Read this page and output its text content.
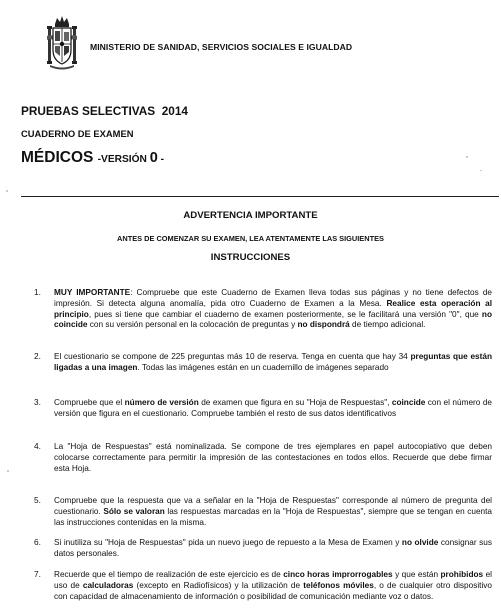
MINISTERIO DE SANIDAD, SERVICIOS SOCIALES E IGUALDAD
PRUEBAS SELECTIVAS  2014
CUADERNO DE EXAMEN
MÉDICOS -VERSIÓN 0 -
ADVERTENCIA IMPORTANTE
ANTES DE COMENZAR SU EXAMEN, LEA ATENTAMENTE LAS SIGUIENTES
INSTRUCCIONES
1. MUY IMPORTANTE: Compruebe que este Cuaderno de Examen lleva todas sus páginas y no tiene defectos de impresión. Si detecta alguna anomalía, pida otro Cuaderno de Examen a la Mesa. Realice esta operación al principio, pues si tiene que cambiar el cuaderno de examen posteriormente, se le facilitará una versión "0", que no coincide con su versión personal en la colocación de preguntas y no dispondrá de tiempo adicional.
2. El cuestionario se compone de 225 preguntas más 10 de reserva. Tenga en cuenta que hay 34 preguntas que están ligadas a una imagen. Todas las imágenes están en un cuadernillo de imágenes separado
3. Compruebe que el número de versión de examen que figura en su "Hoja de Respuestas", coincide con el número de versión que figura en el cuestionario. Compruebe también el resto de sus datos identificativos
4. La "Hoja de Respuestas" está nominalizada. Se compone de tres ejemplares en papel autocopiativo que deben colocarse correctamente para permitir la impresión de las contestaciones en todos ellos. Recuerde que debe firmar esta Hoja.
5. Compruebe que la respuesta que va a señalar en la "Hoja de Respuestas" corresponde al número de pregunta del cuestionario. Sólo se valoran las respuestas marcadas en la "Hoja de Respuestas", siempre que se tengan en cuenta las instrucciones contenidas en la misma.
6. Si inutiliza su "Hoja de Respuestas" pida un nuevo juego de repuesto a la Mesa de Examen y no olvide consignar sus datos personales.
7. Recuerde que el tiempo de realización de este ejercicio es de cinco horas improrrogables y que están prohibidos el uso de calculadoras (excepto en Radiofísicos) y la utilización de teléfonos móviles, o de cualquier otro dispositivo con capacidad de almacenamiento de información o posibilidad de comunicación mediante voz o datos.
